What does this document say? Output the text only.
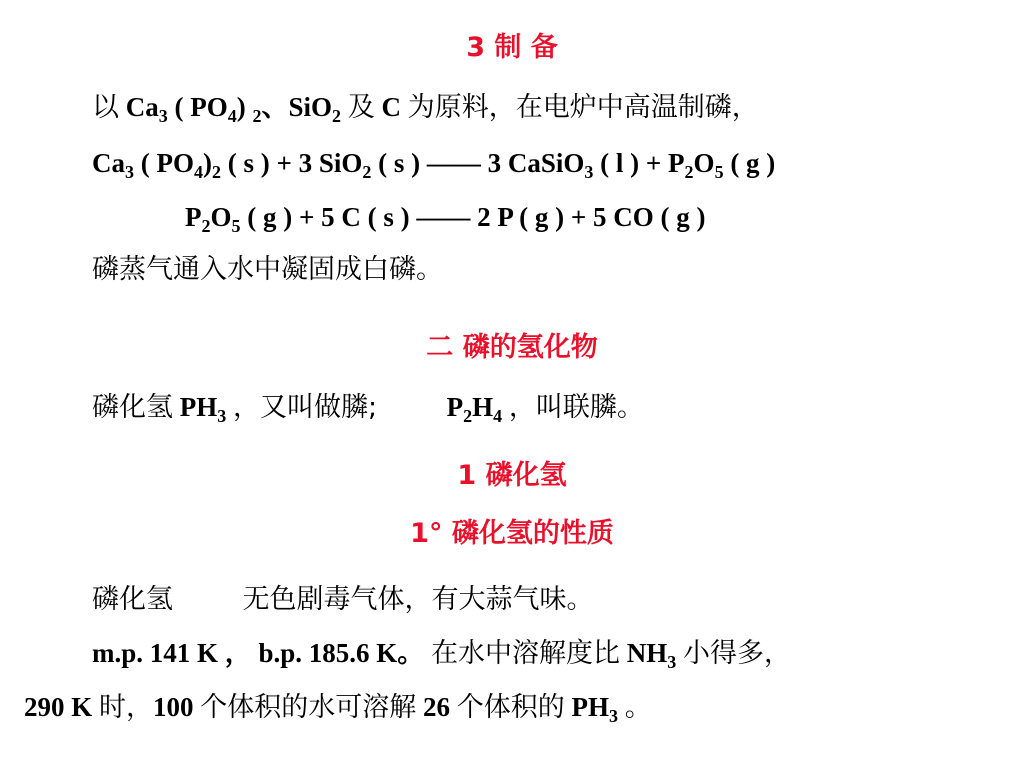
3 制 备
以 $Ca_3$ ( $PO_4$) $_2$、SiO$_2$ 及 C 为原料，在电炉中高温制磷，
$Ca_3$ ( $PO_4)_2$ ( s ) + 3 SiO$_2$ ( s ) —— 3 CaSiO$_3$ ( l ) + $P_2O_5$ ( g )
$P_2O_5$ ( g ) + 5 C ( s ) —— 2 P ( g ) + 5 CO ( g )
磷蒸气通入水中凝固成白磷。
二 磷的氢化物
磷化氢 $PH_3$ ，又叫做膦;	$P_2H_4$ ，叫联膦。
1 磷化氢
1° 磷化氢的性质
磷化氢	无色剧毒气体，有大蒜气味。
m.p. 141 K ， b.p. 185.6 K。 在水中溶解度比 $NH_3$ 小得多，
290 K 时，100 个体积的水可溶解 26 个体积的 $PH_3$ 。
